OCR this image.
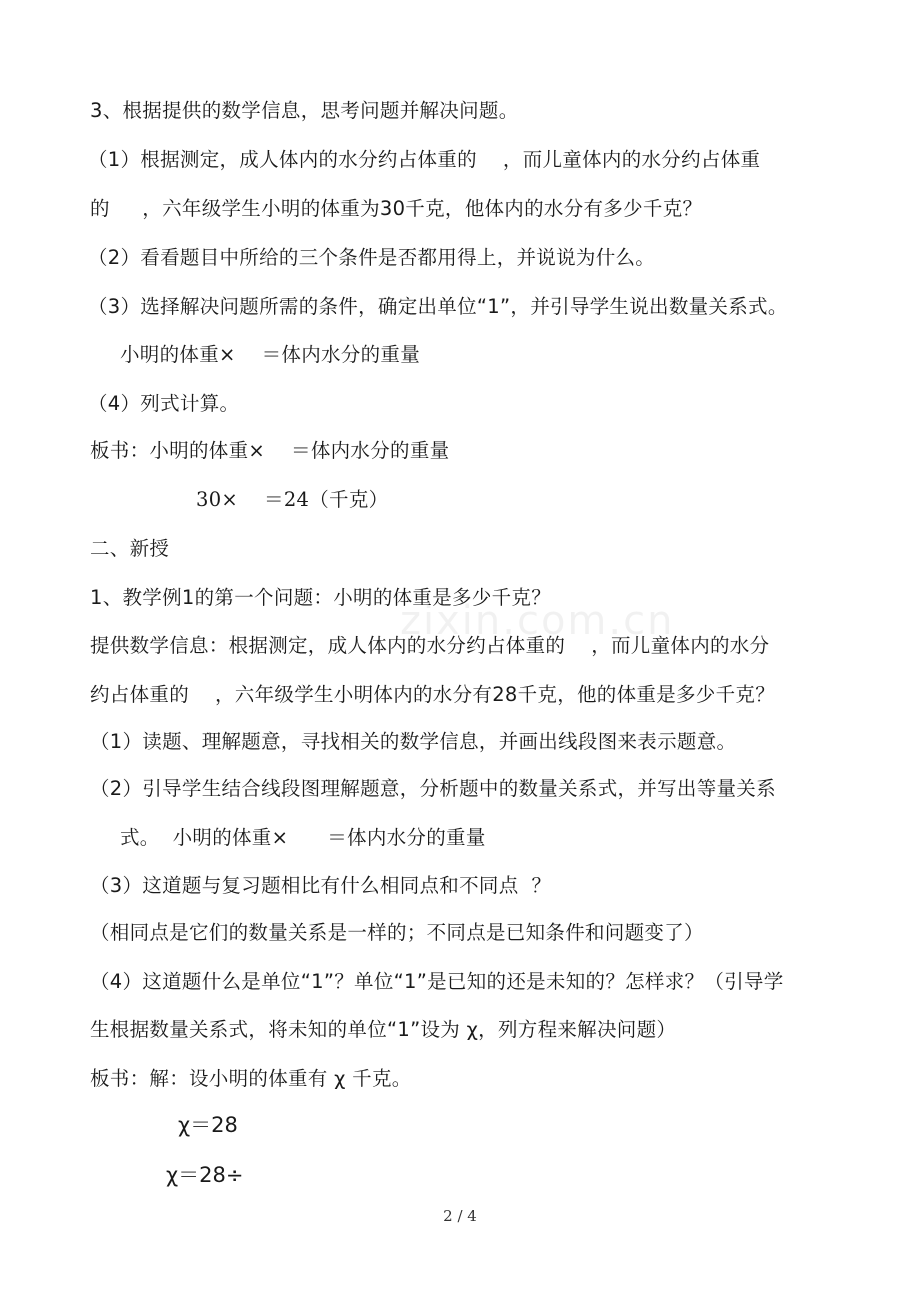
zixin.com.cn
3、根据提供的数学信息，思考问题并解决问题。
（1）根据测定，成人体内的水分约占体重的    ，而儿童体内的水分约占体重
的     ，六年级学生小明的体重为30千克，他体内的水分有多少千克？
（2）看看题目中所给的三个条件是否都用得上，并说说为什么。
（3）选择解决问题所需的条件，确定出单位“1”，并引导学生说出数量关系式。
小明的体重×    ＝体内水分的重量
（4）列式计算。
板书：小明的体重×    ＝体内水分的重量
30×    ＝24（千克）
二、新授
1、教学例1的第一个问题：小明的体重是多少千克？
提供数学信息：根据测定，成人体内的水分约占体重的    ，而儿童体内的水分
约占体重的    ，六年级学生小明体内的水分有28千克，他的体重是多少千克？
（1）读题、理解题意，寻找相关的数学信息，并画出线段图来表示题意。
（2）引导学生结合线段图理解题意，分析题中的数量关系式，并写出等量关系
式。  小明的体重×      ＝体内水分的重量
（3）这道题与复习题相比有什么相同点和不同点  ？
（相同点是它们的数量关系是一样的；不同点是已知条件和问题变了）
（4）这道题什么是单位“1”？单位“1”是已知的还是未知的？怎样求？（引导学
生根据数量关系式，将未知的单位“1”设为 χ，列方程来解决问题）
板书：解：设小明的体重有 χ 千克。
χ＝28
χ＝28÷
2 / 4
